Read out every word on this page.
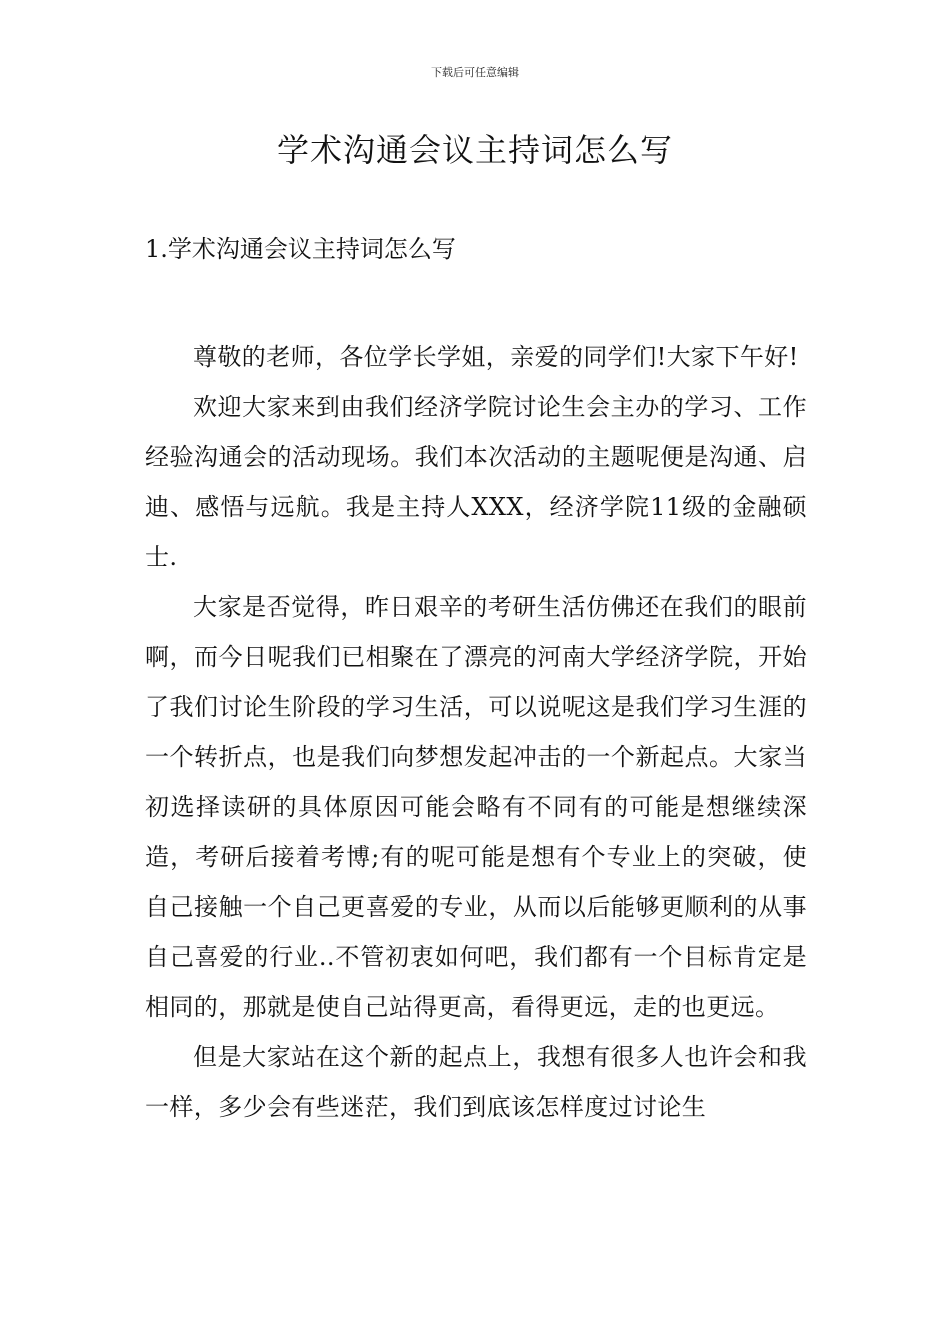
下载后可任意编辑
学术沟通会议主持词怎么写
1.学术沟通会议主持词怎么写

尊敬的老师，各位学长学姐，亲爱的同学们!大家下午好!

欢迎大家来到由我们经济学院讨论生会主办的学习、工作经验沟通会的活动现场。我们本次活动的主题呢便是沟通、启迪、感悟与远航。我是主持人XXX，经济学院11级的金融硕士.

大家是否觉得，昨日艰辛的考研生活仿佛还在我们的眼前啊，而今日呢我们已相聚在了漂亮的河南大学经济学院，开始了我们讨论生阶段的学习生活，可以说呢这是我们学习生涯的一个转折点，也是我们向梦想发起冲击的一个新起点。大家当初选择读研的具体原因可能会略有不同有的可能是想继续深造，考研后接着考博;有的呢可能是想有个专业上的突破，使自己接触一个自己更喜爱的专业，从而以后能够更顺利的从事自己喜爱的行业..不管初衷如何吧，我们都有一个目标肯定是相同的，那就是使自己站得更高，看得更远，走的也更远。

但是大家站在这个新的起点上，我想有很多人也许会和我一样，多少会有些迷茫，我们到底该怎样度过讨论生
